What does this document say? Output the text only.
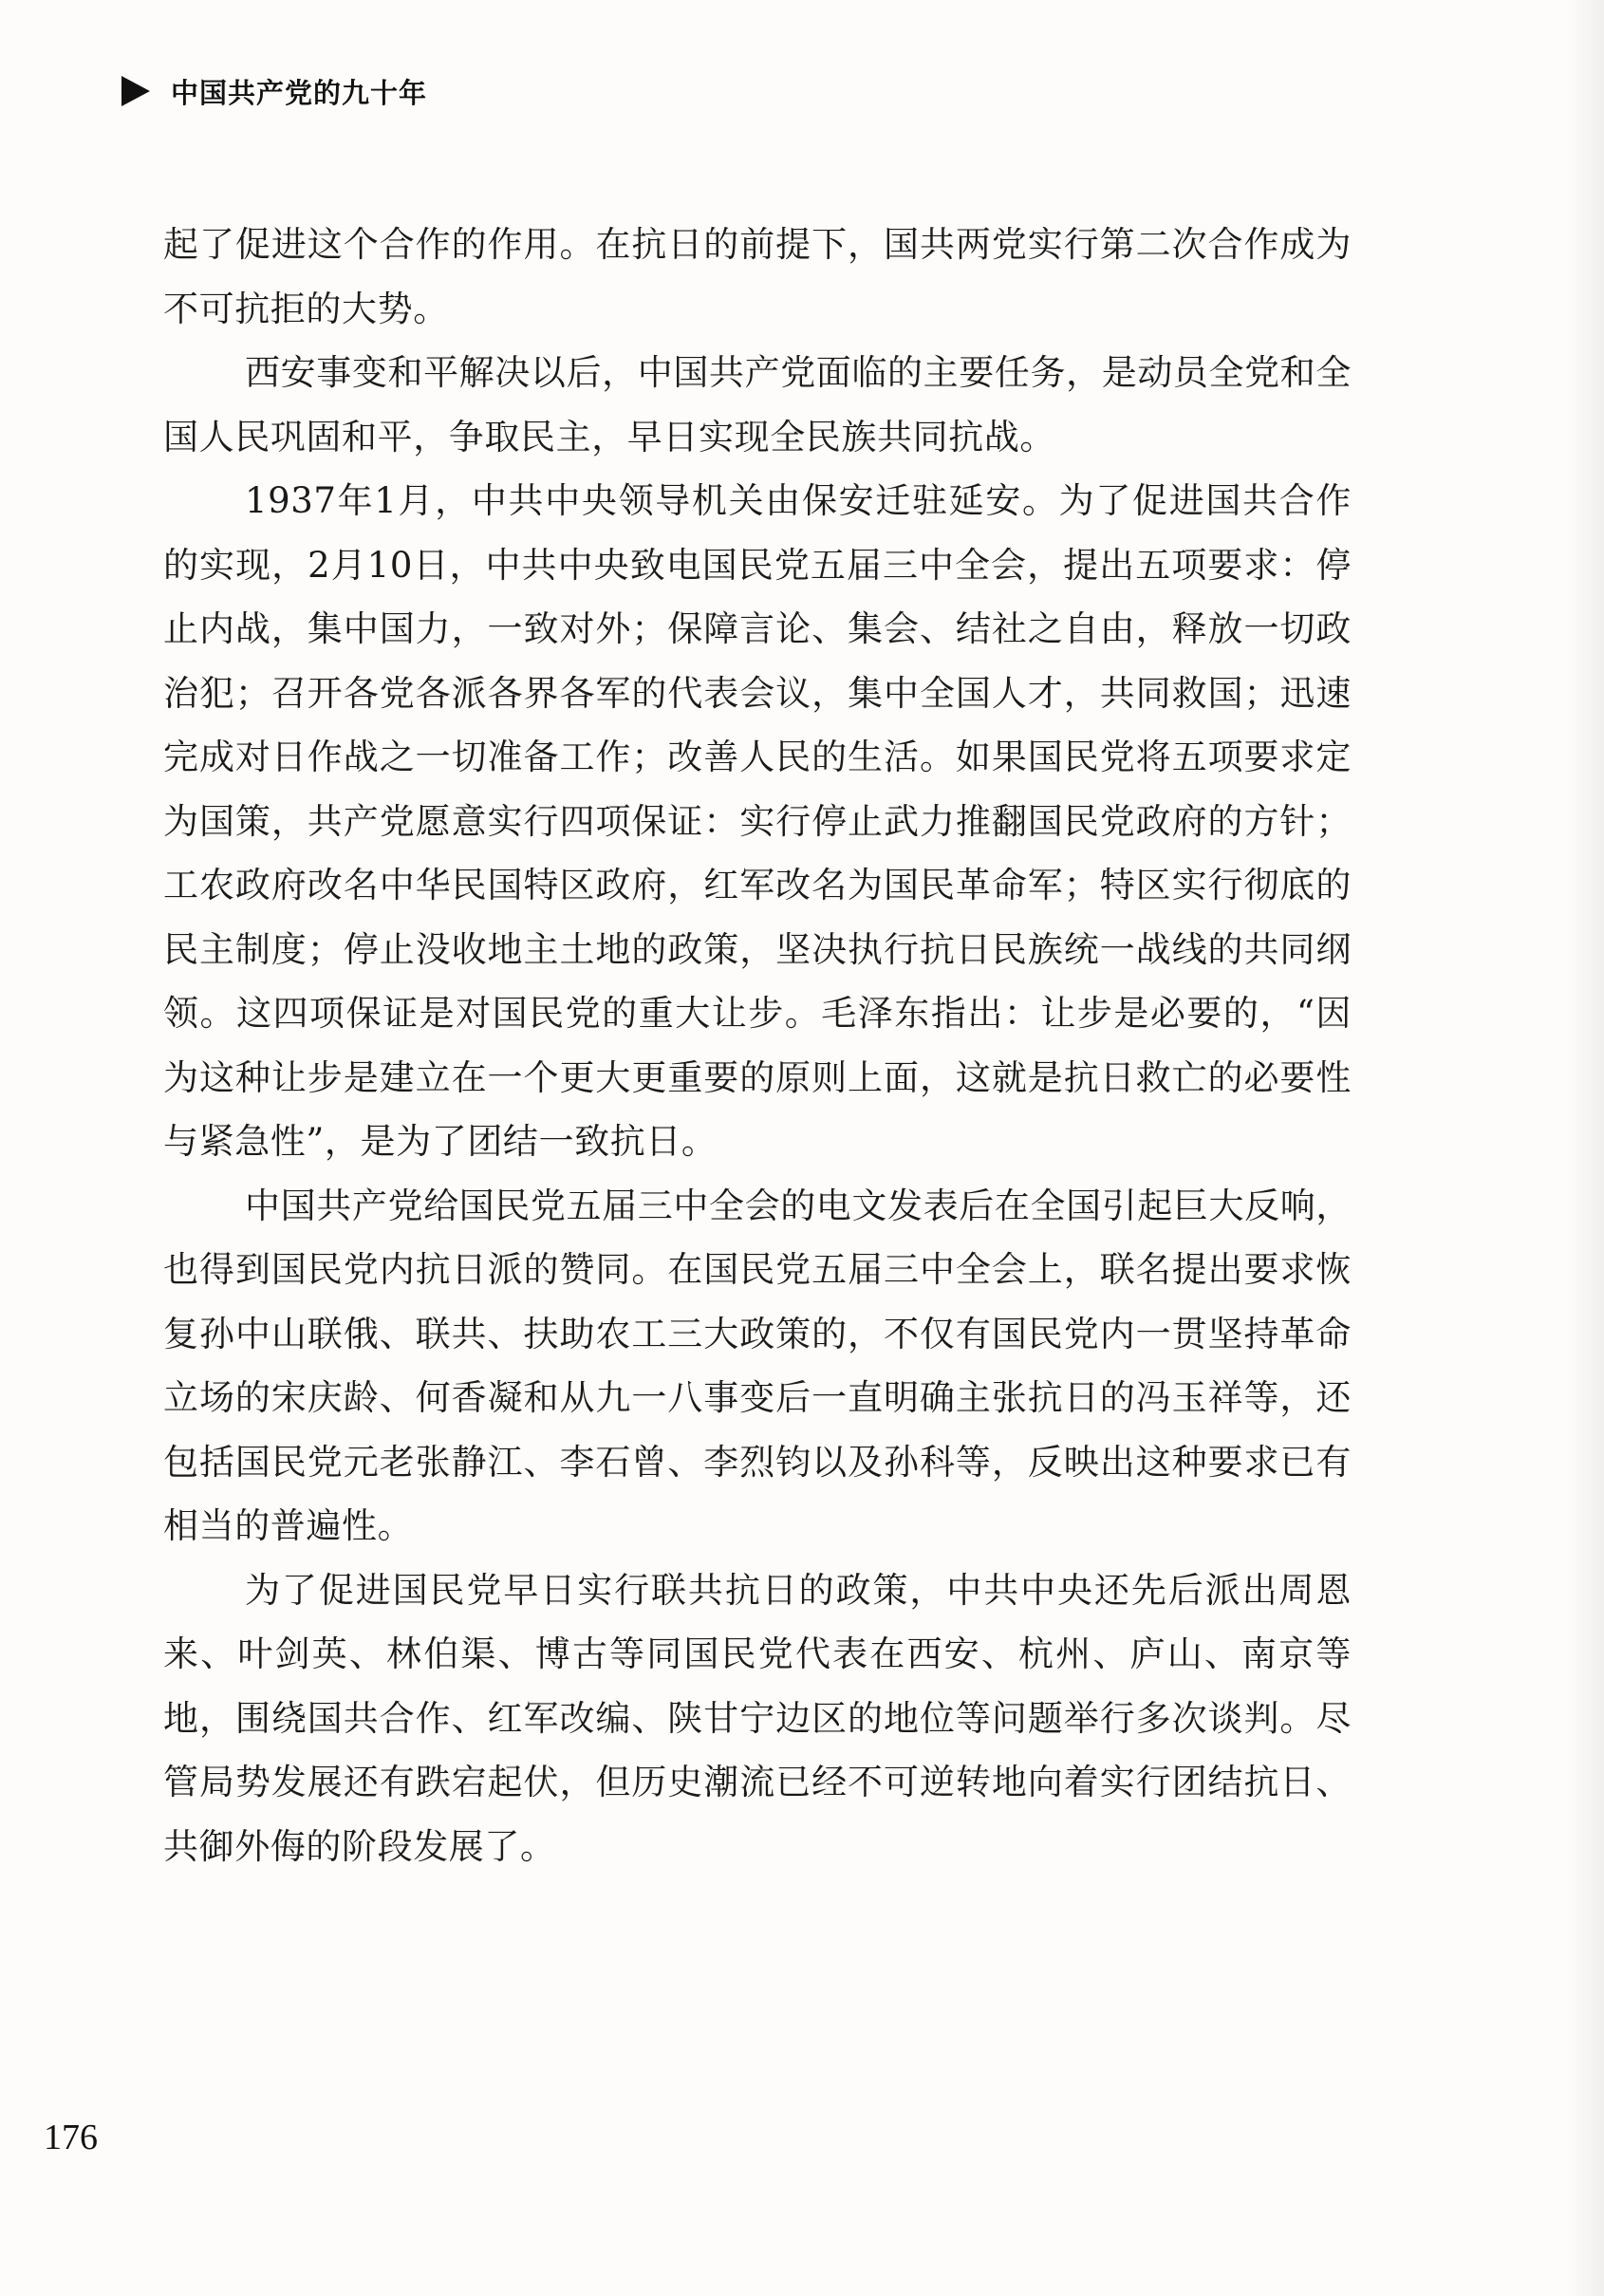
中国共产党的九十年

起了促进这个合作的作用。在抗日的前提下，国共两党实行第二次合作成为不可抗拒的大势。

西安事变和平解决以后，中国共产党面临的主要任务，是动员全党和全国人民巩固和平，争取民主，早日实现全民族共同抗战。

1937年1月，中共中央领导机关由保安迁驻延安。为了促进国共合作的实现，2月10日，中共中央致电国民党五届三中全会，提出五项要求：停止内战，集中国力，一致对外；保障言论、集会、结社之自由，释放一切政治犯；召开各党各派各界各军的代表会议，集中全国人才，共同救国；迅速完成对日作战之一切准备工作；改善人民的生活。如果国民党将五项要求定为国策，共产党愿意实行四项保证：实行停止武力推翻国民党政府的方针；工农政府改名中华民国特区政府，红军改名为国民革命军；特区实行彻底的民主制度；停止没收地主土地的政策，坚决执行抗日民族统一战线的共同纲领。这四项保证是对国民党的重大让步。毛泽东指出：让步是必要的，“因为这种让步是建立在一个更大更重要的原则上面，这就是抗日救亡的必要性与紧急性”，是为了团结一致抗日。

中国共产党给国民党五届三中全会的电文发表后在全国引起巨大反响，也得到国民党内抗日派的赞同。在国民党五届三中全会上，联名提出要求恢复孙中山联俄、联共、扶助农工三大政策的，不仅有国民党内一贯坚持革命立场的宋庆龄、何香凝和从九一八事变后一直明确主张抗日的冯玉祥等，还包括国民党元老张静江、李石曾、李烈钧以及孙科等，反映出这种要求已有相当的普遍性。

为了促进国民党早日实行联共抗日的政策，中共中央还先后派出周恩来、叶剑英、林伯渠、博古等同国民党代表在西安、杭州、庐山、南京等地，围绕国共合作、红军改编、陕甘宁边区的地位等问题举行多次谈判。尽管局势发展还有跌宕起伏，但历史潮流已经不可逆转地向着实行团结抗日、共御外侮的阶段发展了。

176
